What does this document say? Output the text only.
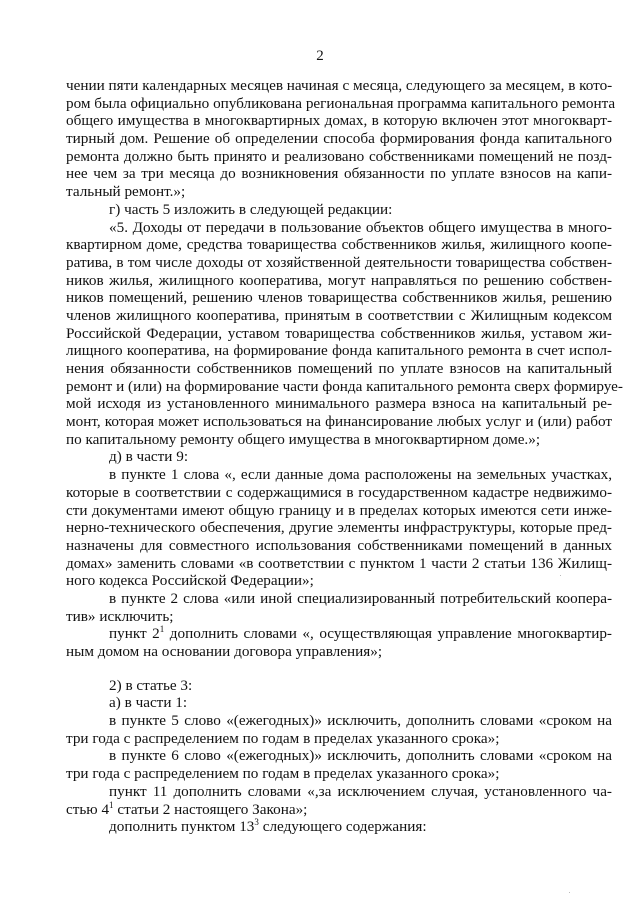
2
чении пяти календарных месяцев начиная с месяца, следующего за месяцем, в кото-
ром была официально опубликована региональная программа капитального ремонта
общего имущества в многоквартирных домах, в которую включен этот многокварт-
тирный дом. Решение об определении способа формирования фонда капитального
ремонта должно быть принято и реализовано собственниками помещений не позд-
нее чем за три месяца до возникновения обязанности по уплате взносов на капи-
тальный ремонт.»;
г) часть 5 изложить в следующей редакции:
«5. Доходы от передачи в пользование объектов общего имущества в много-
квартирном доме, средства товарищества собственников жилья, жилищного коопе-
ратива, в том числе доходы от хозяйственной деятельности товарищества собствен-
ников жилья, жилищного кооператива, могут направляться по решению собствен-
ников помещений, решению членов товарищества собственников жилья, решению
членов жилищного кооператива, принятым в соответствии с Жилищным кодексом
Российской Федерации, уставом товарищества собственников жилья, уставом жи-
лищного кооператива, на формирование фонда капитального ремонта в счет испол-
нения обязанности собственников помещений по уплате взносов на капитальный
ремонт и (или) на формирование части фонда капитального ремонта сверх формируе-
мой исходя из установленного минимального размера взноса на капитальный ре-
монт, которая может использоваться на финансирование любых услуг и (или) работ
по капитальному ремонту общего имущества в многоквартирном доме.»;
д) в части 9:
в пункте 1 слова «, если данные дома расположены на земельных участках,
которые в соответствии с содержащимися в государственном кадастре недвижимо-
сти документами имеют общую границу и в пределах которых имеются сети инже-
нерно-технического обеспечения, другие элементы инфраструктуры, которые пред-
назначены для совместного использования собственниками помещений в данных
домах» заменить словами «в соответствии с пунктом 1 части 2 статьи 136 Жилищ-
ного кодекса Российской Федерации»;
в пункте 2 слова «или иной специализированный потребительский коопера-
тив» исключить;
пункт $2^1$ дополнить словами «, осуществляющая управление многоквартир-
ным домом на основании договора управления»;
2) в статье 3:
а) в части 1:
в пункте 5 слово «(ежегодных)» исключить, дополнить словами «сроком на
три года с распределением по годам в пределах указанного срока»;
в пункте 6 слово «(ежегодных)» исключить, дополнить словами «сроком на
три года с распределением по годам в пределах указанного срока»;
пункт 11 дополнить словами «,за исключением случая, установленного ча-
стью $4^1$ статьи 2 настоящего Закона»;
дополнить пунктом $13^3$ следующего содержания:
